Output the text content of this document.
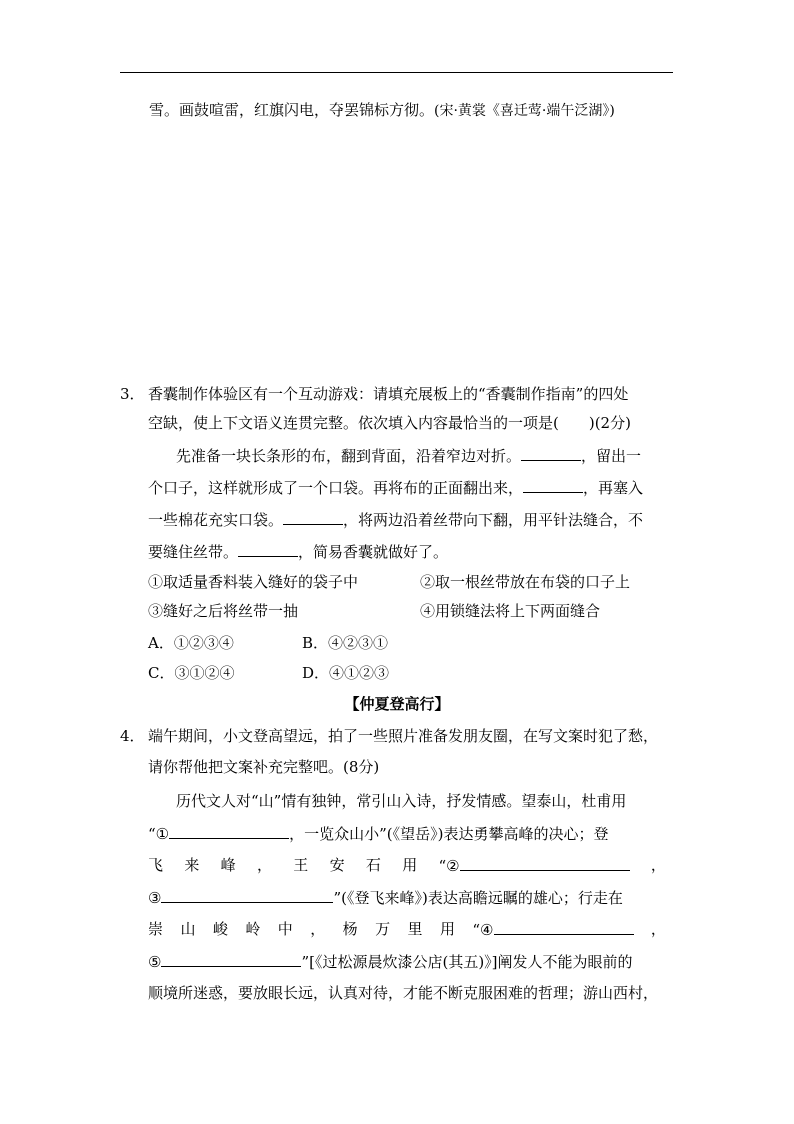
雪。画鼓喧雷，红旗闪电，夺罢锦标方彻。(宋·黄裳《喜迁莺·端午泛湖》)
3． 香囊制作体验区有一个互动游戏：请填充展板上的“香囊制作指南”的四处
空缺，使上下文语义连贯完整。依次填入内容最恰当的一项是(　　)(2分)
先准备一块长条形的布，翻到背面，沿着窄边对折。	，留出一
个口子，这样就形成了一个口袋。再将布的正面翻出来，	，再塞入
一些棉花充实口袋。	，将两边沿着丝带向下翻，用平针法缝合，不
要缝住丝带。	，简易香囊就做好了。
①取适量香料装入缝好的袋子中	②取一根丝带放在布袋的口子上
③缝好之后将丝带一抽	④用锁缝法将上下两面缝合
A．①②③④	B．④②③①
C．③①②④	D．④①②③
【仲夏登高行】
4． 端午期间，小文登高望远，拍了一些照片准备发朋友圈，在写文案时犯了愁，
请你帮他把文案补充完整吧。(8分)
历代文人对“山”情有独钟，常引山入诗，抒发情感。望泰山，杜甫用
“①	，一览众山小”(《望岳》)表达勇攀高峰的决心；登
飞 来 峰 ， 王 安 石 用 “②	，
③	”(《登飞来峰》)表达高瞻远瞩的雄心；行走在
崇 山 峻 岭 中 ， 杨 万 里 用 “④	，
⑤	”[《过松源晨炊漆公店(其五)》]阐发人不能为眼前的
顺境所迷惑，要放眼长远，认真对待，才能不断克服困难的哲理；游山西村，
